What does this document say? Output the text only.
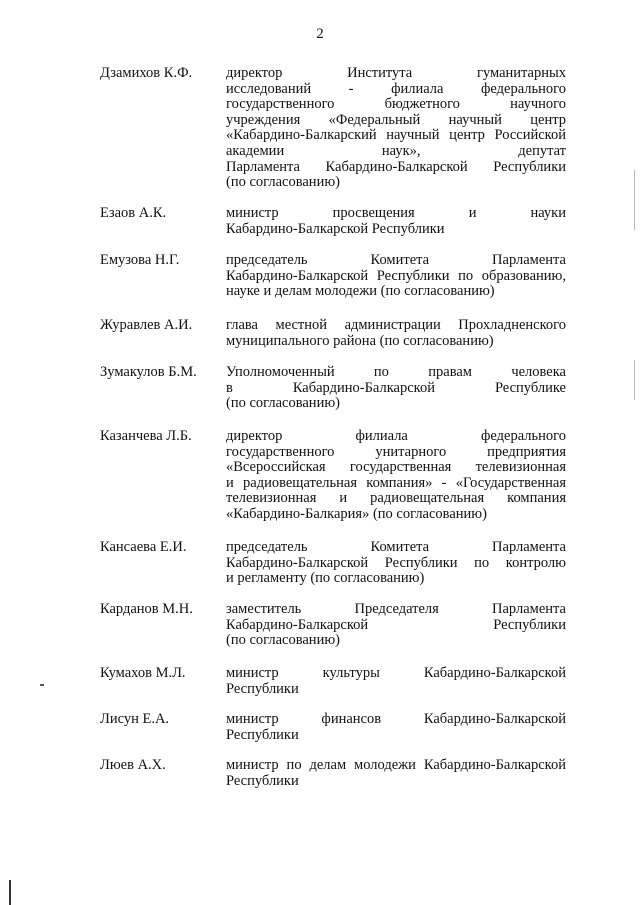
2
Дзамихов К.Ф. директор Института гуманитарных
исследований - филиала федерального
государственного бюджетного научного
учреждения «Федеральный научный центр
«Кабардино-Балкарский научный центр Российской
академии наук», депутат
Парламента Кабардино-Балкарской Республики
(по согласованию)
Езаов А.К.	министр просвещения и науки
Кабардино-Балкарской Республики
Емузова Н.Г.	председатель Комитета Парламента
Кабардино-Балкарской Республики по образованию,
науке и делам молодежи (по согласованию)
Журавлев А.И. глава местной администрации Прохладненского
муниципального района (по согласованию)
Зумакулов Б.М. Уполномоченный по правам человека
в Кабардино-Балкарской Республике
(по согласованию)
Казанчева Л.Б. директор филиала федерального
государственного унитарного предприятия
«Всероссийская государственная телевизионная
и радиовещательная компания» - «Государственная
телевизионная и радиовещательная компания
«Кабардино-Балкария» (по согласованию)
Кансаева Е.И.	председатель Комитета Парламента
Кабардино-Балкарской Республики по контролю
и регламенту (по согласованию)
Карданов М.Н. заместитель Председателя Парламента
Кабардино-Балкарской Республики
(по согласованию)
Кумахов М.Л.	министр культуры Кабардино-Балкарской
Республики
Лисун Е.А.	министр финансов Кабардино-Балкарской
Республики
Люев А.Х.	министр по делам молодежи Кабардино-Балкарской
Республики
